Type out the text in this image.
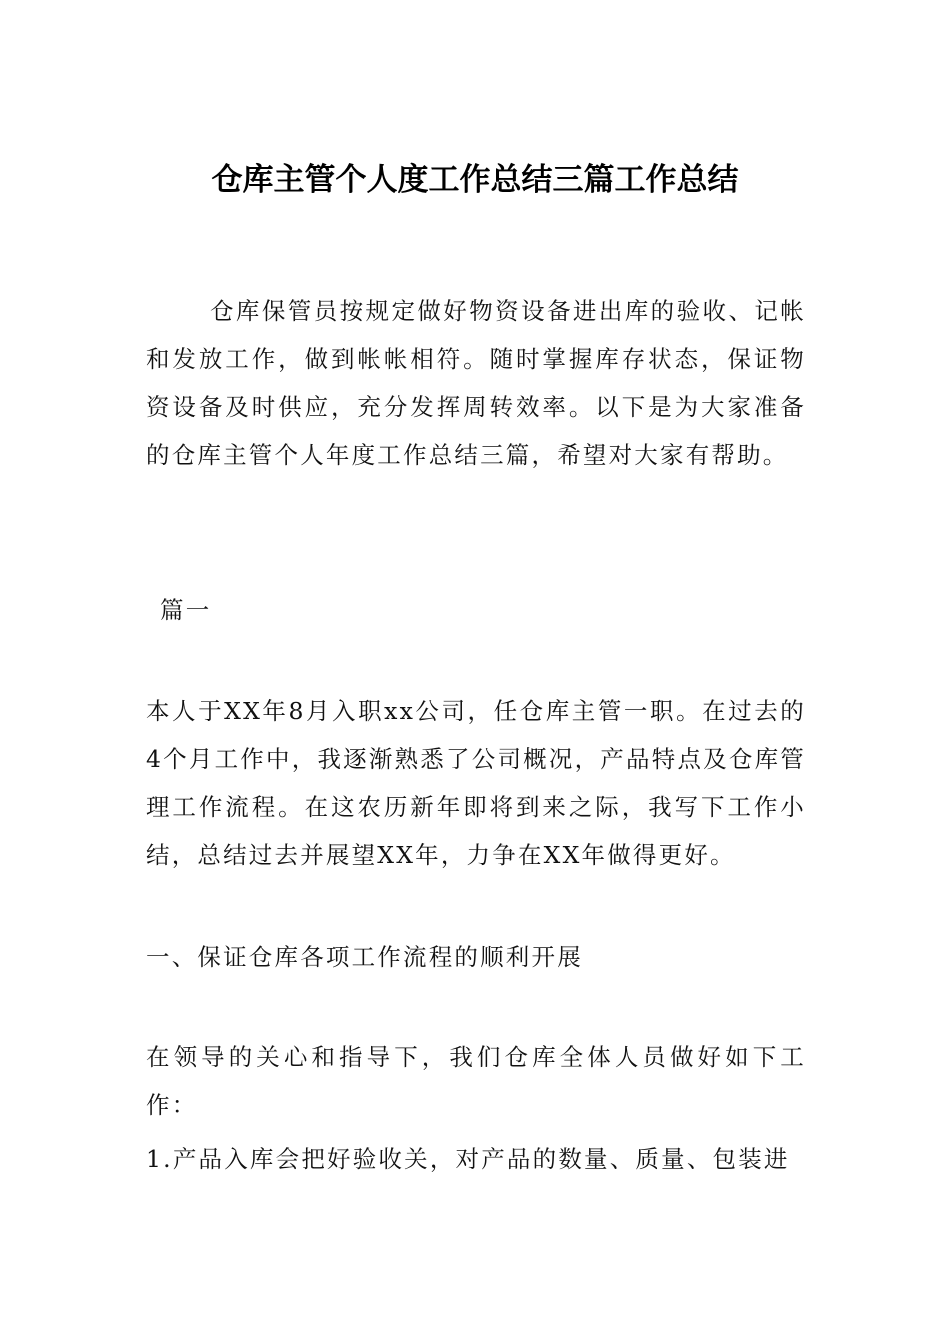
仓库主管个人度工作总结三篇工作总结

仓库保管员按规定做好物资设备进出库的验收、记帐和发放工作，做到帐帐相符。随时掌握库存状态，保证物资设备及时供应，充分发挥周转效率。以下是为大家准备的仓库主管个人年度工作总结三篇，希望对大家有帮助。

篇一

本人于XX年8月入职xx公司，任仓库主管一职。在过去的4个月工作中，我逐渐熟悉了公司概况，产品特点及仓库管理工作流程。在这农历新年即将到来之际，我写下工作小结，总结过去并展望XX年，力争在XX年做得更好。

一、保证仓库各项工作流程的顺利开展

在领导的关心和指导下，我们仓库全体人员做好如下工作：

1.产品入库会把好验收关，对产品的数量、质量、包装进
